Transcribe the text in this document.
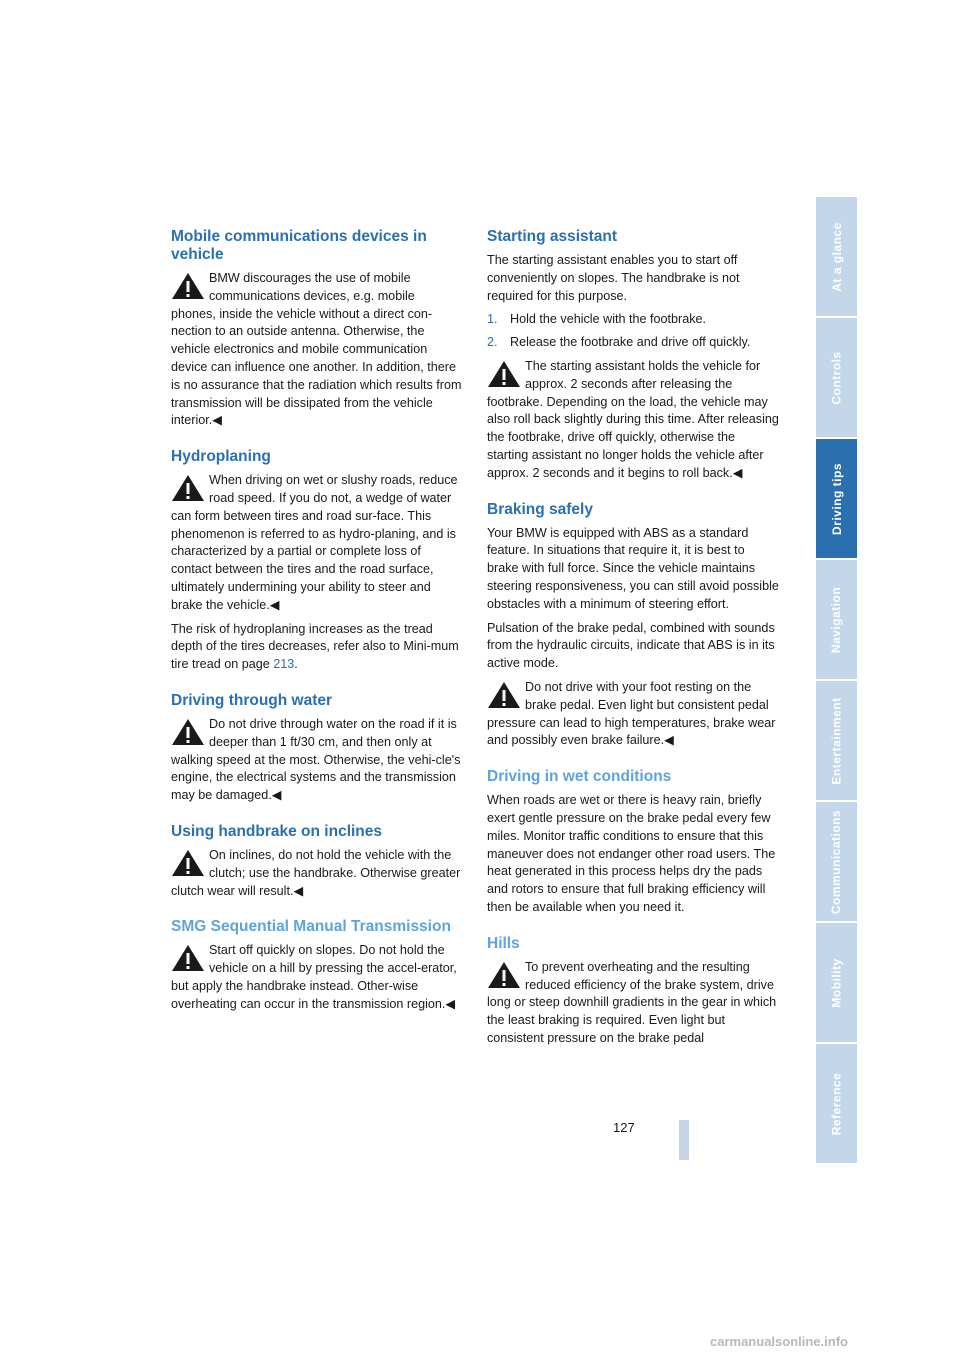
Mobile communications devices in vehicle
BMW discourages the use of mobile communications devices, e.g. mobile phones, inside the vehicle without a direct con-nection to an outside antenna. Otherwise, the vehicle electronics and mobile communication device can influence one another. In addition, there is no assurance that the radiation which results from transmission will be dissipated from the vehicle interior.◀
Hydroplaning
When driving on wet or slushy roads, reduce road speed. If you do not, a wedge of water can form between tires and road sur-face. This phenomenon is referred to as hydro-planing, and is characterized by a partial or complete loss of contact between the tires and the road surface, ultimately undermining your ability to steer and brake the vehicle.◀

The risk of hydroplaning increases as the tread depth of the tires decreases, refer also to Mini-mum tire tread on page 213.

Driving through water
Do not drive through water on the road if it is deeper than 1 ft/30 cm, and then only at walking speed at the most. Otherwise, the vehi-cle's engine, the electrical systems and the transmission may be damaged.◀
Using handbrake on inclines
On inclines, do not hold the vehicle with the clutch; use the handbrake. Otherwise greater clutch wear will result.◀
SMG Sequential Manual Transmission
Start off quickly on slopes. Do not hold the vehicle on a hill by pressing the accel-erator, but apply the handbrake instead. Other-wise overheating can occur in the transmission region.◀
Starting assistant

The starting assistant enables you to start off conveniently on slopes. The handbrake is not required for this purpose.

1. Hold the vehicle with the footbrake.
2. Release the footbrake and drive off quickly.
The starting assistant holds the vehicle for approx. 2 seconds after releasing the footbrake. Depending on the load, the vehicle may also roll back slightly during this time. After releasing the footbrake, drive off quickly, otherwise the starting assistant no longer holds the vehicle after approx. 2 seconds and it begins to roll back.◀
Braking safely

Your BMW is equipped with ABS as a standard feature. In situations that require it, it is best to brake with full force. Since the vehicle maintains steering responsiveness, you can still avoid possible obstacles with a minimum of steering effort.

Pulsation of the brake pedal, combined with sounds from the hydraulic circuits, indicate that ABS is in its active mode.

Do not drive with your foot resting on the brake pedal. Even light but consistent pedal pressure can lead to high temperatures, brake wear and possibly even brake failure.◀
Driving in wet conditions

When roads are wet or there is heavy rain, briefly exert gentle pressure on the brake pedal every few miles. Monitor traffic conditions to ensure that this maneuver does not endanger other road users. The heat generated in this process helps dry the pads and rotors to ensure that full braking efficiency will then be available when you need it.

Hills
To prevent overheating and the resulting reduced efficiency of the brake system, drive long or steep downhill gradients in the gear in which the least braking is required. Even light but consistent pressure on the brake pedal
At a glance
Controls
Driving tips
Navigation
Entertainment
Communications
Mobility
Reference
127
carmanualsonline.info
